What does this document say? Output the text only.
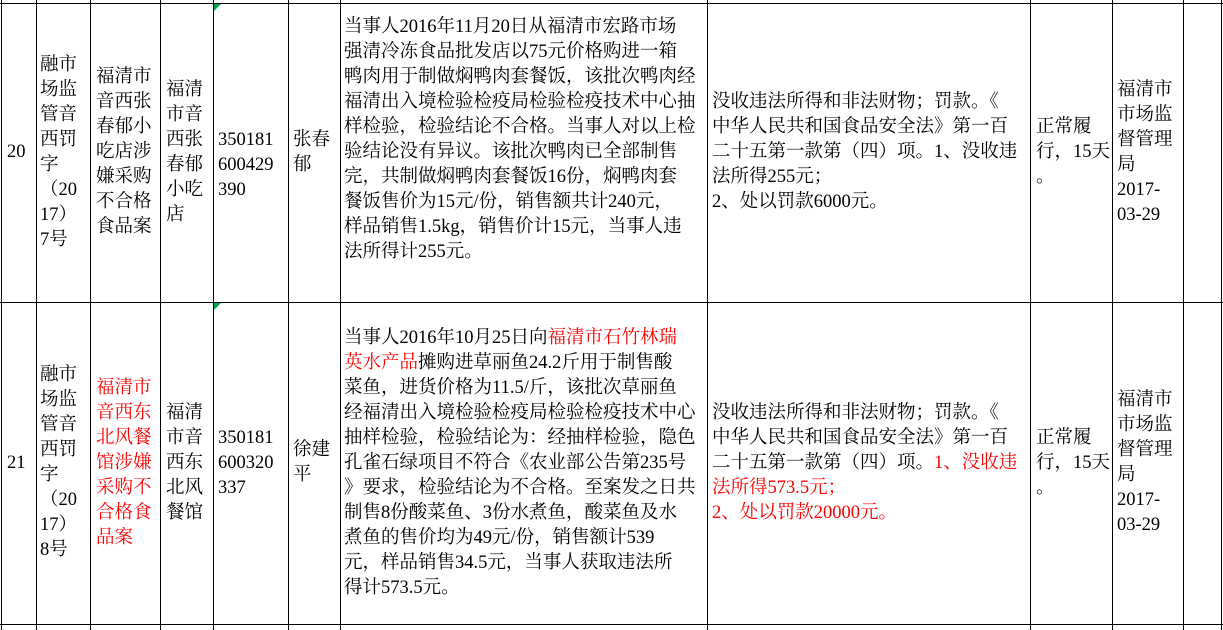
20
融市
场监
管音
西罚
字
（20
17）
7号
福清市
音西张
春郁小
吃店涉
嫌采购
不合格
食品案
福清
市音
西张
春郁
小吃
店
350181
600429
390
张春
郁
当事人2016年11月20日从福清市宏路市场
强清冷冻食品批发店以75元价格购进一箱
鸭肉用于制做焖鸭肉套餐饭，该批次鸭肉经
福清出入境检验检疫局检验检疫技术中心抽
样检验，检验结论不合格。当事人对以上检
验结论没有异议。该批次鸭肉已全部制售
完，共制做焖鸭肉套餐饭16份，焖鸭肉套
餐饭售价为15元/份，销售额共计240元，
样品销售1.5kg，销售价计15元，当事人违
法所得计255元。
没收违法所得和非法财物；罚款。《
中华人民共和国食品安全法》第一百
二十五第一款第（四）项。1、没收违
法所得255元；
2、处以罚款6000元。
正常履
行，15天
。
福清市
市场监
督管理
局
2017-
03-29
21
融市
场监
管音
西罚
字
（20
17）
8号
福清市
音西东
北风餐
馆涉嫌
采购不
合格食
品案
福清
市音
西东
北风
餐馆
350181
600320
337
徐建
平
当事人2016年10月25日向福清市石竹林瑞
英水产品摊购进草丽鱼24.2斤用于制售酸
菜鱼，进货价格为11.5/斤，该批次草丽鱼
经福清出入境检验检疫局检验检疫技术中心
抽样检验，检验结论为：经抽样检验，隐色
孔雀石绿项目不符合《农业部公告第235号
》要求，检验结论为不合格。至案发之日共
制售8份酸菜鱼、3份水煮鱼，酸菜鱼及水
煮鱼的售价均为49元/份，销售额计539
元，样品销售34.5元，当事人获取违法所
得计573.5元。
没收违法所得和非法财物；罚款。《
中华人民共和国食品安全法》第一百
二十五第一款第（四）项。1、没收违
法所得573.5元；
2、处以罚款20000元。
正常履
行，15天
。
福清市
市场监
督管理
局
2017-
03-29
